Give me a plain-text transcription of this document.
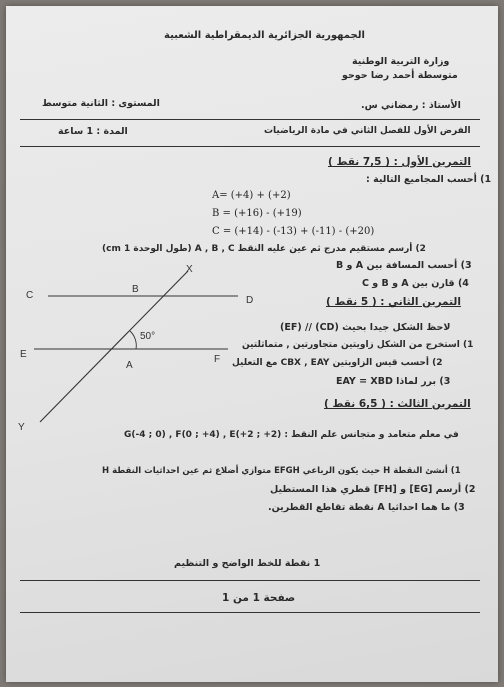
الجمهورية الجزائرية الديمقراطية الشعبية
وزارة التربية الوطنية
متوسطة أحمد رضا حوحو
الأستاذ : رمضاني س.
المستوى : الثانية متوسط
الفرض الأول للفصل الثاني في مادة الرياضيات
المدة : 1 ساعة
التمرين الأول : ( 7,5 نقط )
1) أحسب المجاميع التالية :
A= (+4) + (+2)
B = (+16) - (+19)
C = (+14) - (-13) + (-11) - (+20)
2) أرسم مستقيم مدرج ثم عين عليه النقط A , B , C (طول الوحدة 1 cm)
3) أحسب المسافة بين A و B
4) قارن بين A و B و C
التمرين الثاني : ( 5 نقط )
X
B
C	D
50°
E
A
F
Y
لاحظ الشكل جيدا بحيث (CD) // (EF)
1) استخرج من الشكل زاويتين متجاورتين , متماثلتين
2) أحسب قيس الزاويتين CBX , EAY مع التعليل
3) برر لماذا EAY = XBD
التمرين الثالث : ( 6,5 نقط )
في معلم متعامد و متجانس علم النقط : G(-4 ; 0) , F(0 ; +4) , E(+2 ; +2)
1) أنشئ النقطة H حيث يكون الرباعي EFGH متوازي أضلاع ثم عين احداثيات النقطة H
2) أرسم [EG] و [FH] قطري هذا المستطيل
3) ما هما احداثيا A نقطة تقاطع القطرين.
1 نقطة للخط الواضح و التنظيم
صفحة 1 من 1
